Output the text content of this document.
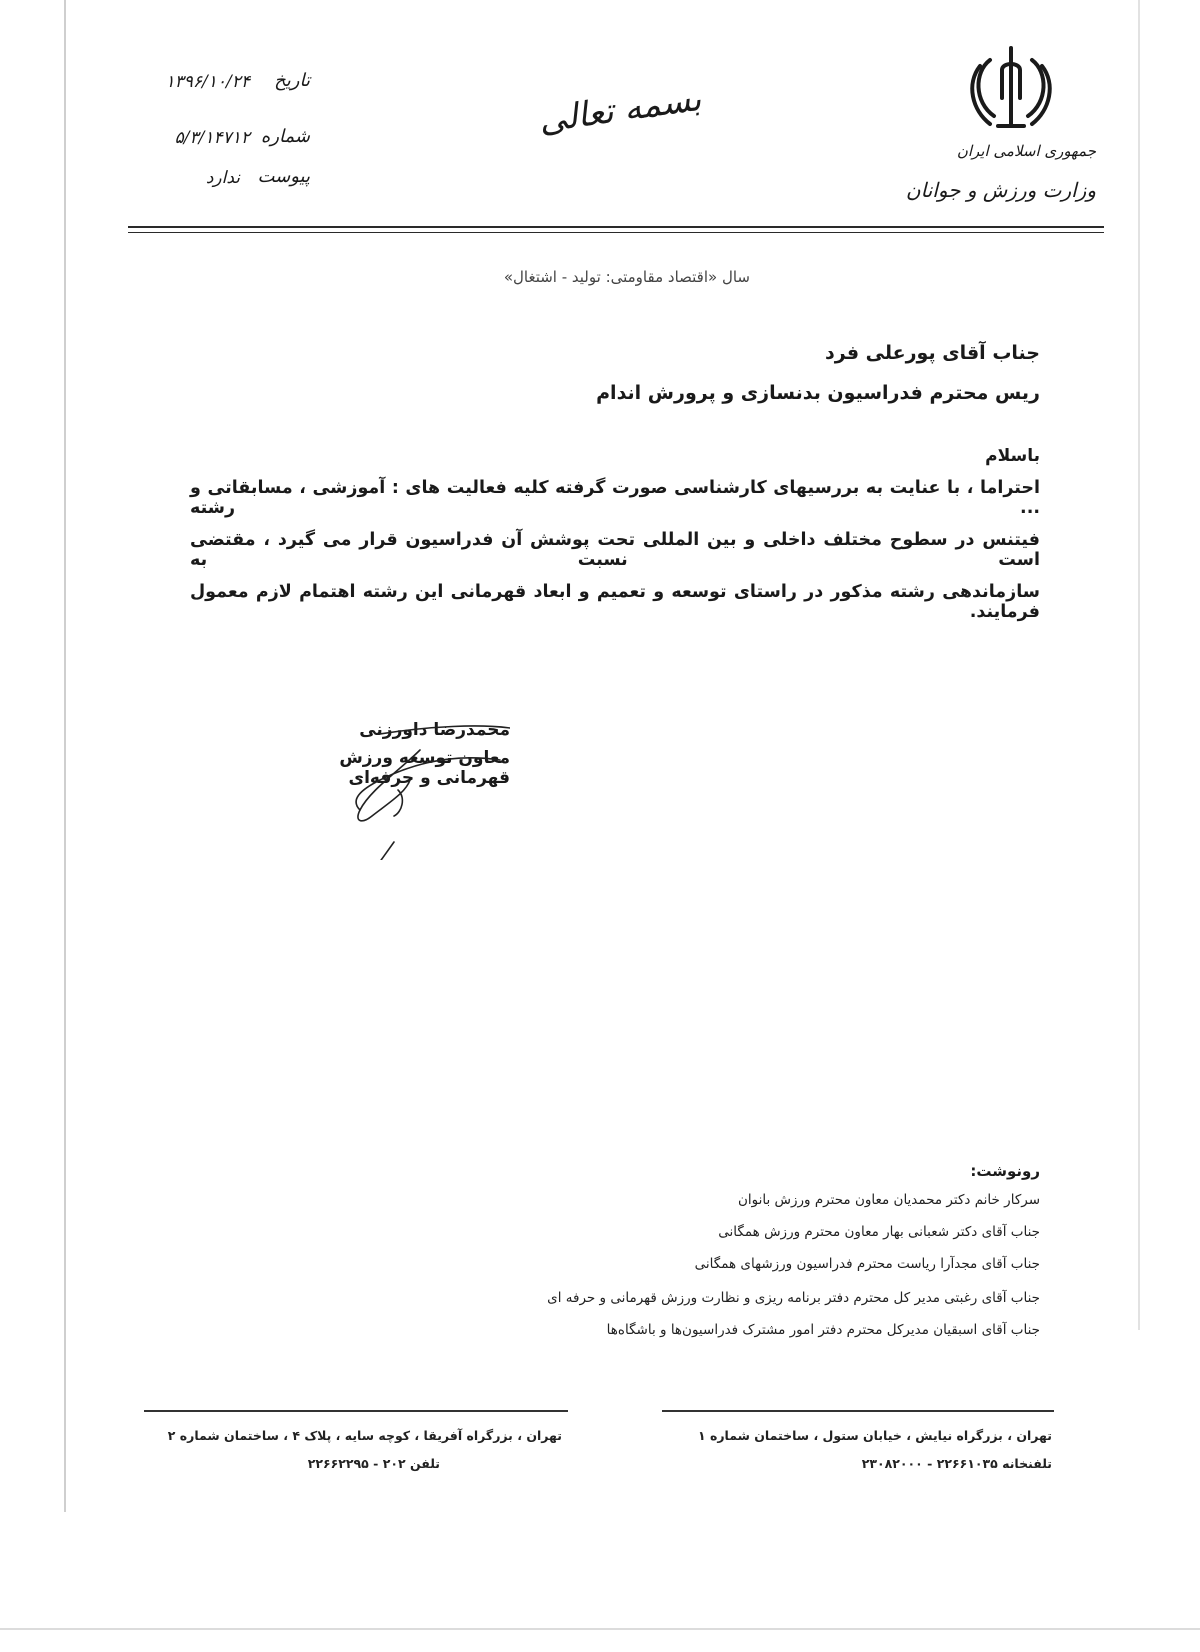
جمهوری اسلامی ایران
وزارت ورزش و جوانان
بسمه تعالی
تاریخ
۱۳۹۶/۱۰/۲۴
شماره
۵/۳/۱۴۷۱۲
پیوست
ندارد
سال «اقتصاد مقاومتی: تولید - اشتغال»
جناب آقای پورعلی فرد
ریس محترم فدراسیون بدنسازی و پرورش اندام
باسلام
احتراما ، با عنایت به بررسیهای کارشناسی صورت گرفته کلیه فعالیت های : آموزشی ، مسابقاتی و ... رشته
فیتنس در سطوح مختلف داخلی و بین المللی تحت پوشش آن فدراسیون قرار می گیرد ، مقتضی است نسبت به
سازماندهی رشته مذکور در راستای توسعه و تعمیم و ابعاد قهرمانی این رشته اهتمام لازم معمول فرمایند.
محمدرضا داورزنی
معاون توسعه ورزش قهرمانی و حرفه‌ای
رونوشت:
سرکار خانم دکتر محمدیان معاون محترم ورزش بانوان
جناب آقای دکتر شعبانی بهار معاون محترم ورزش همگانی
جناب آقای مجدآرا ریاست محترم فدراسیون ورزشهای همگانی
جناب آقای رغبتی مدیر کل محترم دفتر برنامه ریزی و نظارت ورزش قهرمانی و حرفه ای
جناب آقای اسبقیان مدیرکل محترم دفتر امور مشترک فدراسیون‌ها و باشگاه‌ها
تهران ، بزرگراه نیایش ، خیابان ستول ، ساختمان شماره ۱
تلفنخانه ۲۲۶۶۱۰۳۵ - ۲۳۰۸۲۰۰۰
تهران ، بزرگراه آفریقا ، کوچه سایه ، پلاک ۴ ، ساختمان شماره ۲
تلفن ۲۰۲ - ۲۲۶۶۲۲۹۵
